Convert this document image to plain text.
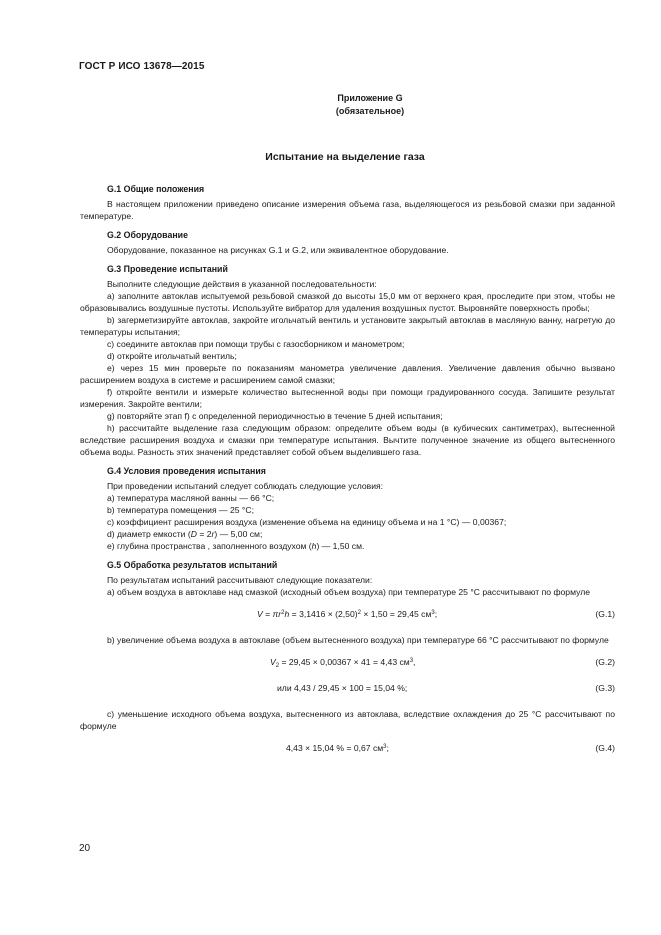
ГОСТ Р ИСО 13678—2015
Приложение G
(обязательное)
Испытание на выделение газа
G.1 Общие положения

В настоящем приложении приведено описание измерения объема газа, выделяющегося из резьбовой смазки при заданной температуре.

G.2 Оборудование

Оборудование, показанное на рисунках G.1 и G.2, или эквивалентное оборудование.

G.3 Проведение испытаний

Выполните следующие действия в указанной последовательности:

a) заполните автоклав испытуемой резьбовой смазкой до высоты 15,0 мм от верхнего края, проследите при этом, чтобы не образовывались воздушные пустоты. Используйте вибратор для удаления воздушных пустот. Выровняйте поверхность пробы;

b) загерметизируйте автоклав, закройте игольчатый вентиль и установите закрытый автоклав в масляную ванну, нагретую до температуры испытания;

c) соедините автоклав при помощи трубы с газосборником и манометром;

d) откройте игольчатый вентиль;

e) через 15 мин проверьте по показаниям манометра увеличение давления. Увеличение давления обычно вызвано расширением воздуха в системе и расширением самой смазки;

f) откройте вентили и измерьте количество вытесненной воды при помощи градуированного сосуда. Запишите результат измерения. Закройте вентили;

g) повторяйте этап f) с определенной периодичностью в течение 5 дней испытания;

h) рассчитайте выделение газа следующим образом: определите объем воды (в кубических сантиметрах), вытесненной вследствие расширения воздуха и смазки при температуре испытания. Вычтите полученное значение из общего вытесненного объема воды. Разность этих значений представляет собой объем выделившего газа.

G.4 Условия проведения испытания

При проведении испытаний следует соблюдать следующие условия:

a) температура масляной ванны — 66 °C;

b) температура помещения — 25 °C;

c) коэффициент расширения воздуха (изменение объема на единицу объема и на 1 °C) — 0,00367;

d) диаметр емкости (D = 2r) — 5,00 см;

e) глубина пространства , заполненного воздухом (h) — 1,50 см.

G.5 Обработка результатов испытаний

По результатам испытаний рассчитывают следующие показатели:

a) объем воздуха в автоклаве над смазкой (исходный объем воздуха) при температуре 25 °C рассчитывают по формуле

$V = \pi r^2h = 3,1416 \times (2,50)^2 \times 1,50 = 29,45$ $см^3$;	(G.1)

b) увеличение объема воздуха в автоклаве (объем вытесненного воздуха) при температуре 66 °C рассчитывают по формуле

$V_2 = 29,45 \times 0,00367 \times 41 = 4,43$ $см^3$,	(G.2)
или 4,43 / 29,45 × 100 = 15,04 %;	(G.3)

c) уменьшение исходного объема воздуха, вытесненного из автоклава, вследствие охлаждения до 25 °C рассчитывают по формуле

4,43 × 15,04 % = 0,67 $см^3$;	(G.4)
20
